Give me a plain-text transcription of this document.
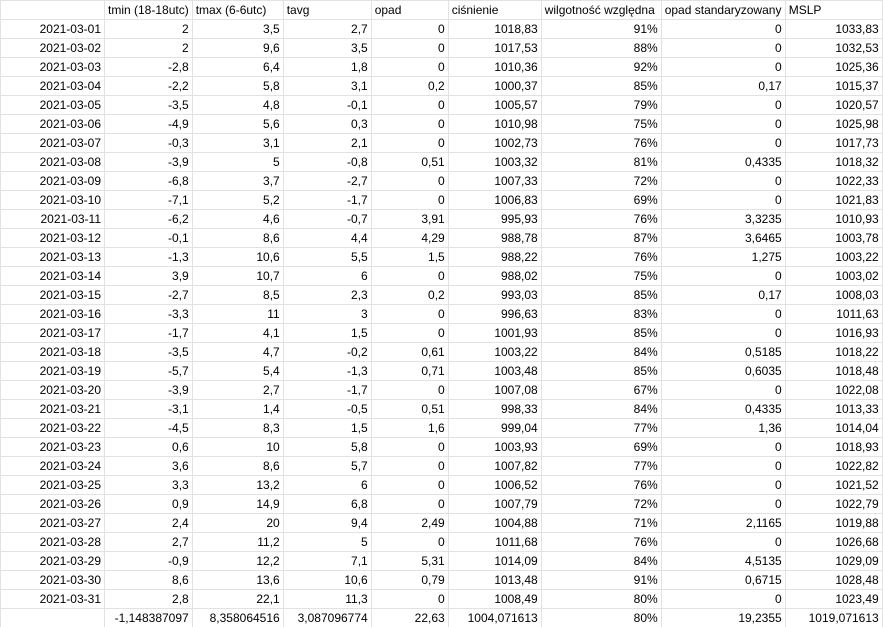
	tmin (18-18utc)	tmax (6-6utc)	tavg	opad	ciśnienie	wilgotność względna	opad standaryzowany	MSLP
2021-03-01	2	3,5	2,7	0	1018,83	91%	0	1033,83
2021-03-02	2	9,6	3,5	0	1017,53	88%	0	1032,53
2021-03-03	-2,8	6,4	1,8	0	1010,36	92%	0	1025,36
2021-03-04	-2,2	5,8	3,1	0,2	1000,37	85%	0,17	1015,37
2021-03-05	-3,5	4,8	-0,1	0	1005,57	79%	0	1020,57
2021-03-06	-4,9	5,6	0,3	0	1010,98	75%	0	1025,98
2021-03-07	-0,3	3,1	2,1	0	1002,73	76%	0	1017,73
2021-03-08	-3,9	5	-0,8	0,51	1003,32	81%	0,4335	1018,32
2021-03-09	-6,8	3,7	-2,7	0	1007,33	72%	0	1022,33
2021-03-10	-7,1	5,2	-1,7	0	1006,83	69%	0	1021,83
2021-03-11	-6,2	4,6	-0,7	3,91	995,93	76%	3,3235	1010,93
2021-03-12	-0,1	8,6	4,4	4,29	988,78	87%	3,6465	1003,78
2021-03-13	-1,3	10,6	5,5	1,5	988,22	76%	1,275	1003,22
2021-03-14	3,9	10,7	6	0	988,02	75%	0	1003,02
2021-03-15	-2,7	8,5	2,3	0,2	993,03	85%	0,17	1008,03
2021-03-16	-3,3	11	3	0	996,63	83%	0	1011,63
2021-03-17	-1,7	4,1	1,5	0	1001,93	85%	0	1016,93
2021-03-18	-3,5	4,7	-0,2	0,61	1003,22	84%	0,5185	1018,22
2021-03-19	-5,7	5,4	-1,3	0,71	1003,48	85%	0,6035	1018,48
2021-03-20	-3,9	2,7	-1,7	0	1007,08	67%	0	1022,08
2021-03-21	-3,1	1,4	-0,5	0,51	998,33	84%	0,4335	1013,33
2021-03-22	-4,5	8,3	1,5	1,6	999,04	77%	1,36	1014,04
2021-03-23	0,6	10	5,8	0	1003,93	69%	0	1018,93
2021-03-24	3,6	8,6	5,7	0	1007,82	77%	0	1022,82
2021-03-25	3,3	13,2	6	0	1006,52	76%	0	1021,52
2021-03-26	0,9	14,9	6,8	0	1007,79	72%	0	1022,79
2021-03-27	2,4	20	9,4	2,49	1004,88	71%	2,1165	1019,88
2021-03-28	2,7	11,2	5	0	1011,68	76%	0	1026,68
2021-03-29	-0,9	12,2	7,1	5,31	1014,09	84%	4,5135	1029,09
2021-03-30	8,6	13,6	10,6	0,79	1013,48	91%	0,6715	1028,48
2021-03-31	2,8	22,1	11,3	0	1008,49	80%	0	1023,49
	-1,148387097	8,358064516	3,087096774	22,63	1004,071613	80%	19,2355	1019,071613
